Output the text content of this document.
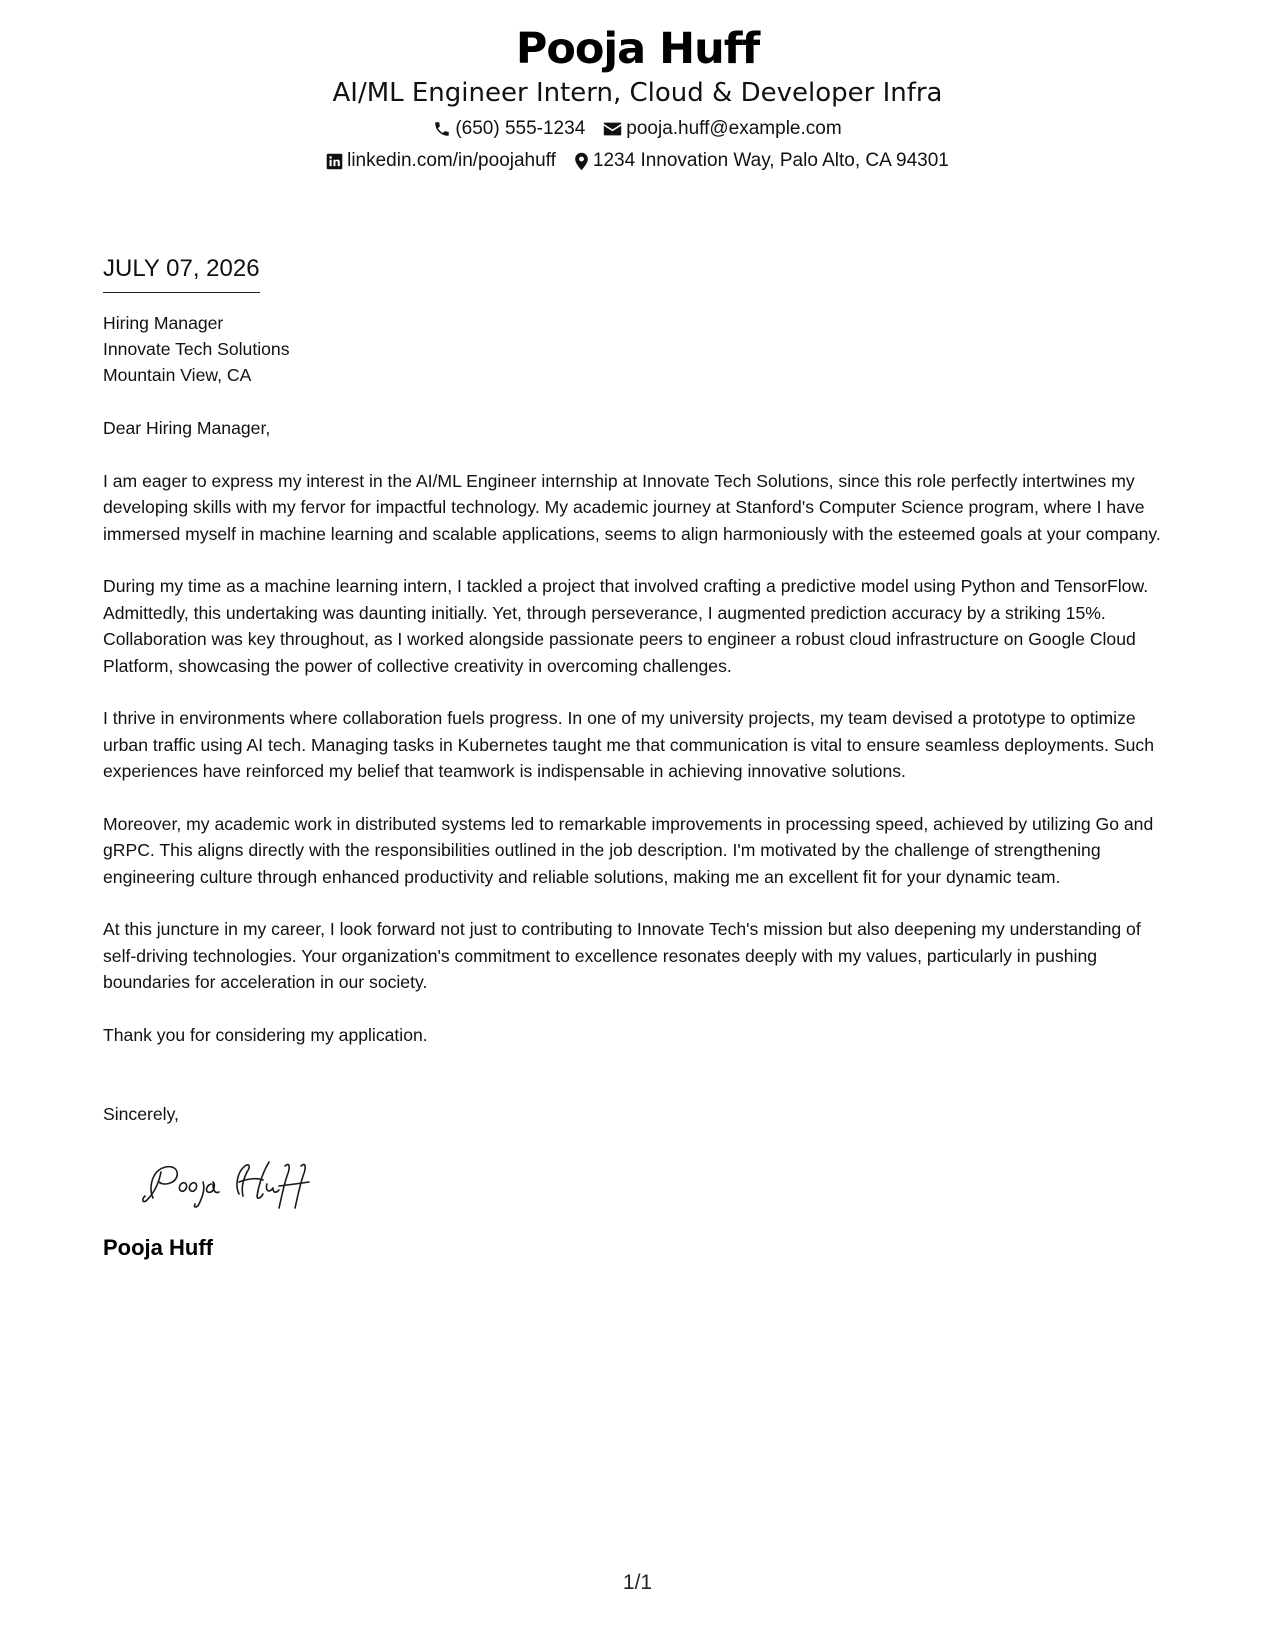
Pooja Huff
AI/ML Engineer Intern, Cloud & Developer Infra
(650) 555-1234 pooja.huff@example.com
linkedin.com/in/poojahuff 1234 Innovation Way, Palo Alto, CA 94301
JULY 07, 2026
Hiring Manager
Innovate Tech Solutions
Mountain View, CA
Dear Hiring Manager,
I am eager to express my interest in the AI/ML Engineer internship at Innovate Tech Solutions, since this role perfectly intertwines my developing skills with my fervor for impactful technology. My academic journey at Stanford's Computer Science program, where I have immersed myself in machine learning and scalable applications, seems to align harmoniously with the esteemed goals at your company.
During my time as a machine learning intern, I tackled a project that involved crafting a predictive model using Python and TensorFlow. Admittedly, this undertaking was daunting initially. Yet, through perseverance, I augmented prediction accuracy by a striking 15%. Collaboration was key throughout, as I worked alongside passionate peers to engineer a robust cloud infrastructure on Google Cloud Platform, showcasing the power of collective creativity in overcoming challenges.
I thrive in environments where collaboration fuels progress. In one of my university projects, my team devised a prototype to optimize urban traffic using AI tech. Managing tasks in Kubernetes taught me that communication is vital to ensure seamless deployments. Such experiences have reinforced my belief that teamwork is indispensable in achieving innovative solutions.
Moreover, my academic work in distributed systems led to remarkable improvements in processing speed, achieved by utilizing Go and gRPC. This aligns directly with the responsibilities outlined in the job description. I'm motivated by the challenge of strengthening engineering culture through enhanced productivity and reliable solutions, making me an excellent fit for your dynamic team.
At this juncture in my career, I look forward not just to contributing to Innovate Tech's mission but also deepening my understanding of self-driving technologies. Your organization's commitment to excellence resonates deeply with my values, particularly in pushing boundaries for acceleration in our society.
Thank you for considering my application.
Sincerely,
Pooja Huff
1/1
